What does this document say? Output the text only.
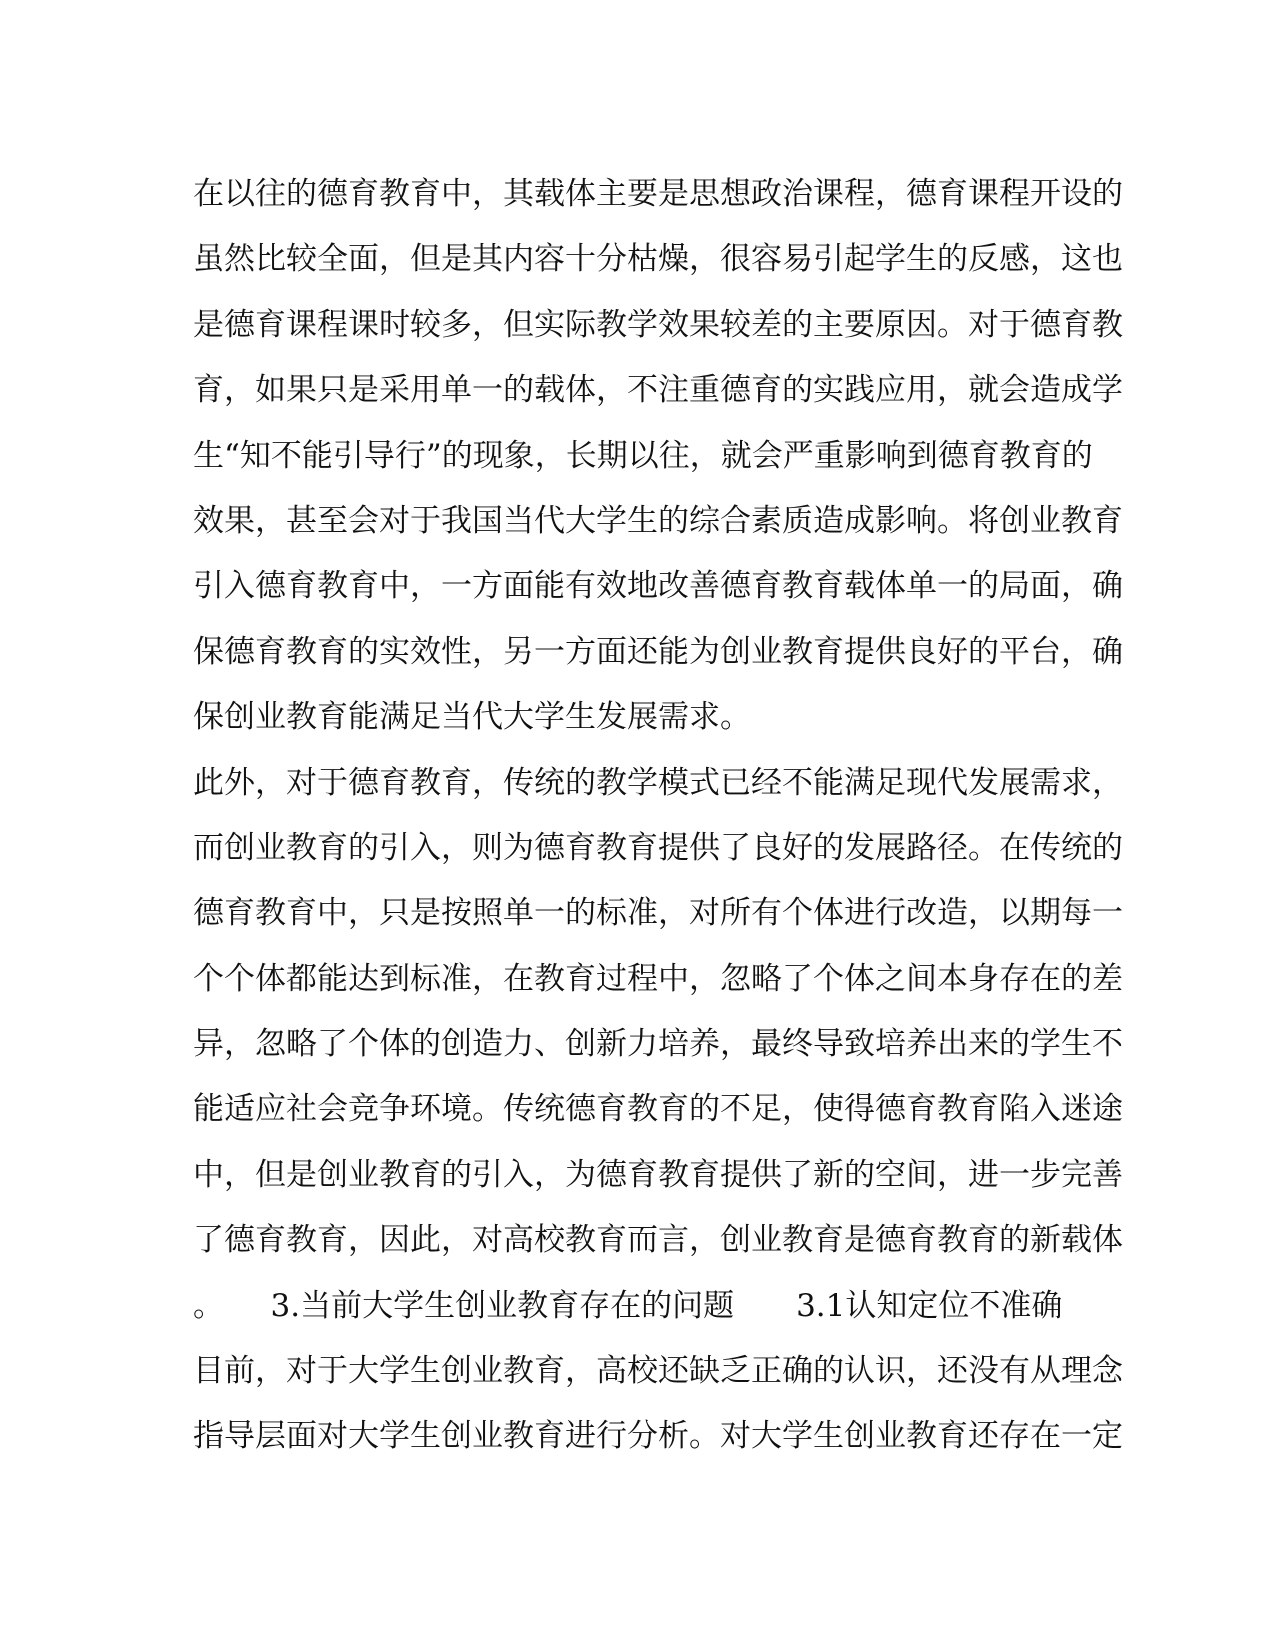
在以往的德育教育中，其载体主要是思想政治课程，德育课程开设的
虽然比较全面，但是其内容十分枯燥，很容易引起学生的反感，这也
是德育课程课时较多，但实际教学效果较差的主要原因。对于德育教
育，如果只是采用单一的载体，不注重德育的实践应用，就会造成学
生“知不能引导行”的现象，长期以往，就会严重影响到德育教育的
效果，甚至会对于我国当代大学生的综合素质造成影响。将创业教育
引入德育教育中，一方面能有效地改善德育教育载体单一的局面，确
保德育教育的实效性，另一方面还能为创业教育提供良好的平台，确
保创业教育能满足当代大学生发展需求。
此外，对于德育教育，传统的教学模式已经不能满足现代发展需求，
而创业教育的引入，则为德育教育提供了良好的发展路径。在传统的
德育教育中，只是按照单一的标准，对所有个体进行改造，以期每一
个个体都能达到标准，在教育过程中，忽略了个体之间本身存在的差
异，忽略了个体的创造力、创新力培养，最终导致培养出来的学生不
能适应社会竞争环境。传统德育教育的不足，使得德育教育陷入迷途
中，但是创业教育的引入，为德育教育提供了新的空间，进一步完善
了德育教育，因此，对高校教育而言，创业教育是德育教育的新载体
。　　3.当前大学生创业教育存在的问题　　3.1认知定位不准确
目前，对于大学生创业教育，高校还缺乏正确的认识，还没有从理念
指导层面对大学生创业教育进行分析。对大学生创业教育还存在一定
